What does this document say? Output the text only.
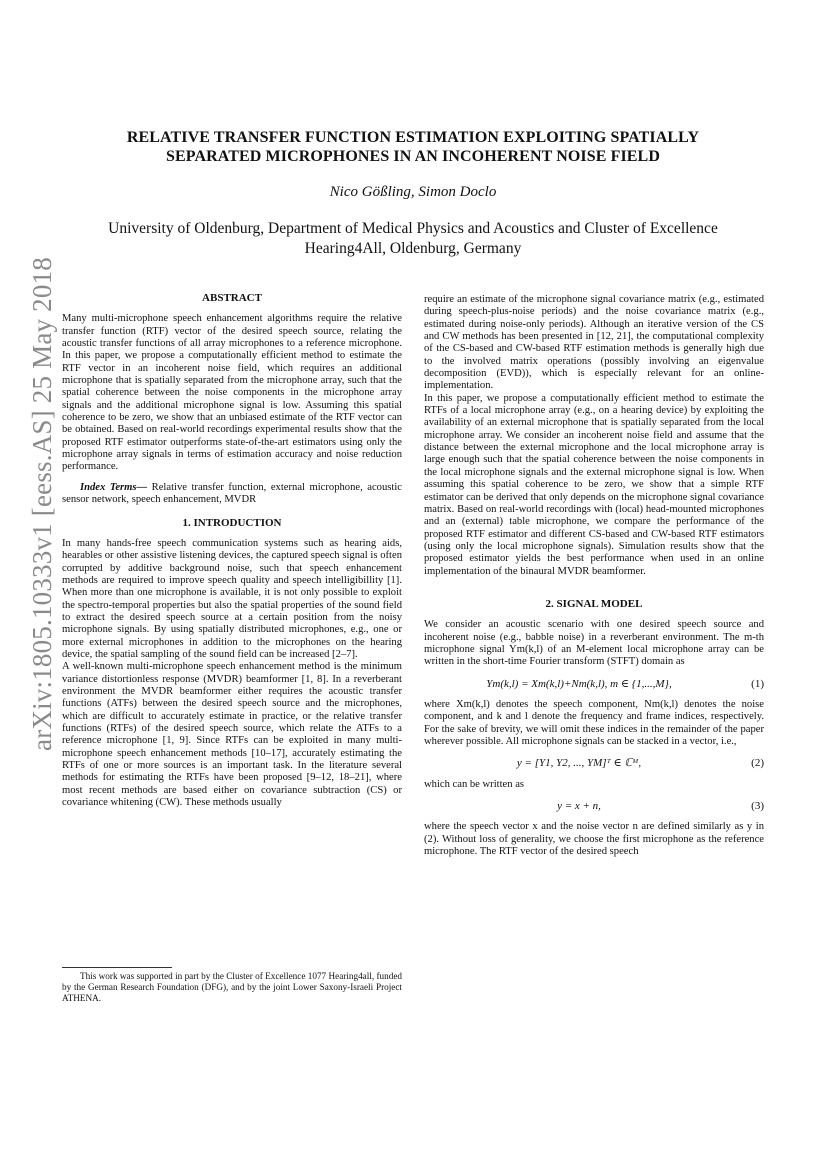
RELATIVE TRANSFER FUNCTION ESTIMATION EXPLOITING SPATIALLY SEPARATED MICROPHONES IN AN INCOHERENT NOISE FIELD
Nico Gößling, Simon Doclo
University of Oldenburg, Department of Medical Physics and Acoustics and Cluster of Excellence Hearing4All, Oldenburg, Germany
arXiv:1805.10333v1 [eess.AS] 25 May 2018	ABSTRACT

Many multi-microphone speech enhancement algorithms require the relative transfer function (RTF) vector of the desired speech source, relating the acoustic transfer functions of all array microphones to a reference microphone. In this paper, we propose a computationally efficient method to estimate the RTF vector in an incoherent noise field, which requires an additional microphone that is spatially separated from the microphone array, such that the spatial coherence between the noise components in the microphone array signals and the additional microphone signal is low. Assuming this spatial coherence to be zero, we show that an unbiased estimate of the RTF vector can be obtained. Based on real-world recordings experimental results show that the proposed RTF estimator outperforms state-of-the-art estimators using only the microphone array signals in terms of estimation accuracy and noise reduction performance.

Index Terms— Relative transfer function, external microphone, acoustic sensor network, speech enhancement, MVDR

1. INTRODUCTION

In many hands-free speech communication systems such as hearing aids, hearables or other assistive listening devices, the captured speech signal is often corrupted by additive background noise, such that speech enhancement methods are required to improve speech quality and speech intelligibillity [1]. When more than one microphone is available, it is not only possible to exploit the spectro-temporal properties but also the spatial properties of the sound field to extract the desired speech source at a certain position from the noisy microphone signals. By using spatially distributed microphones, e.g., one or more external microphones in addition to the microphones on the hearing device, the spatial sampling of the sound field can be increased [2–7].

A well-known multi-microphone speech enhancement method is the minimum variance distortionless response (MVDR) beamformer [1, 8]. In a reverberant environment the MVDR beamformer either requires the acoustic transfer functions (ATFs) between the desired speech source and the microphones, which are difficult to accurately estimate in practice, or the relative transfer functions (RTFs) of the desired speech source, which relate the ATFs to a reference microphone [1, 9]. Since RTFs can be exploited in many multi-microphone speech enhancement methods [10–17], accurately estimating the RTFs of one or more sources is an important task. In the literature several methods for estimating the RTFs have been proposed [9–12, 18–21], where most recent methods are based either on covariance subtraction (CS) or covariance whitening (CW). These methods usually

require an estimate of the microphone signal covariance matrix (e.g., estimated during speech-plus-noise periods) and the noise covariance matrix (e.g., estimated during noise-only periods). Although an iterative version of the CS and CW methods has been presented in [12, 21], the computational complexity of the CS-based and CW-based RTF estimation methods is generally high due to the involved matrix operations (possibly involving an eigenvalue decomposition (EVD)), which is especially relevant for an online-implementation.

In this paper, we propose a computationally efficient method to estimate the RTFs of a local microphone array (e.g., on a hearing device) by exploiting the availability of an external microphone that is spatially separated from the local microphone array. We consider an incoherent noise field and assume that the distance between the external microphone and the local microphone array is large enough such that the spatial coherence between the noise components in the local microphone signals and the external microphone signal is low. When assuming this spatial coherence to be zero, we show that a simple RTF estimator can be derived that only depends on the microphone signal covariance matrix. Based on real-world recordings with (local) head-mounted microphones and an (external) table microphone, we compare the performance of the proposed RTF estimator and different CS-based and CW-based RTF estimators (using only the local microphone signals). Simulation results show that the proposed estimator yields the best performance when used in an online implementation of the binaural MVDR beamformer.

2. SIGNAL MODEL

We consider an acoustic scenario with one desired speech source and incoherent noise (e.g., babble noise) in a reverberant environment. The m-th microphone signal Ym(k,l) of an M-element local microphone array can be written in the short-time Fourier transform (STFT) domain as

Ym(k,l) = Xm(k,l)+Nm(k,l), m ∈ {1,...,M},	(1)

where Xm(k,l) denotes the speech component, Nm(k,l) denotes the noise component, and k and l denote the frequency and frame indices, respectively. For the sake of brevity, we will omit these indices in the remainder of the paper wherever possible. All microphone signals can be stacked in a vector, i.e.,

y = [Y1, Y2, ..., YM]ᵀ ∈ ℂᴹ,	(2)

which can be written as

y = x + n,	(3)

where the speech vector x and the noise vector n are defined similarly as y in (2). Without loss of generality, we choose the first microphone as the reference microphone. The RTF vector of the desired speech

This work was supported in part by the Cluster of Excellence 1077 Hearing4all, funded by the German Research Foundation (DFG), and by the joint Lower Saxony-Israeli Project ATHENA.
